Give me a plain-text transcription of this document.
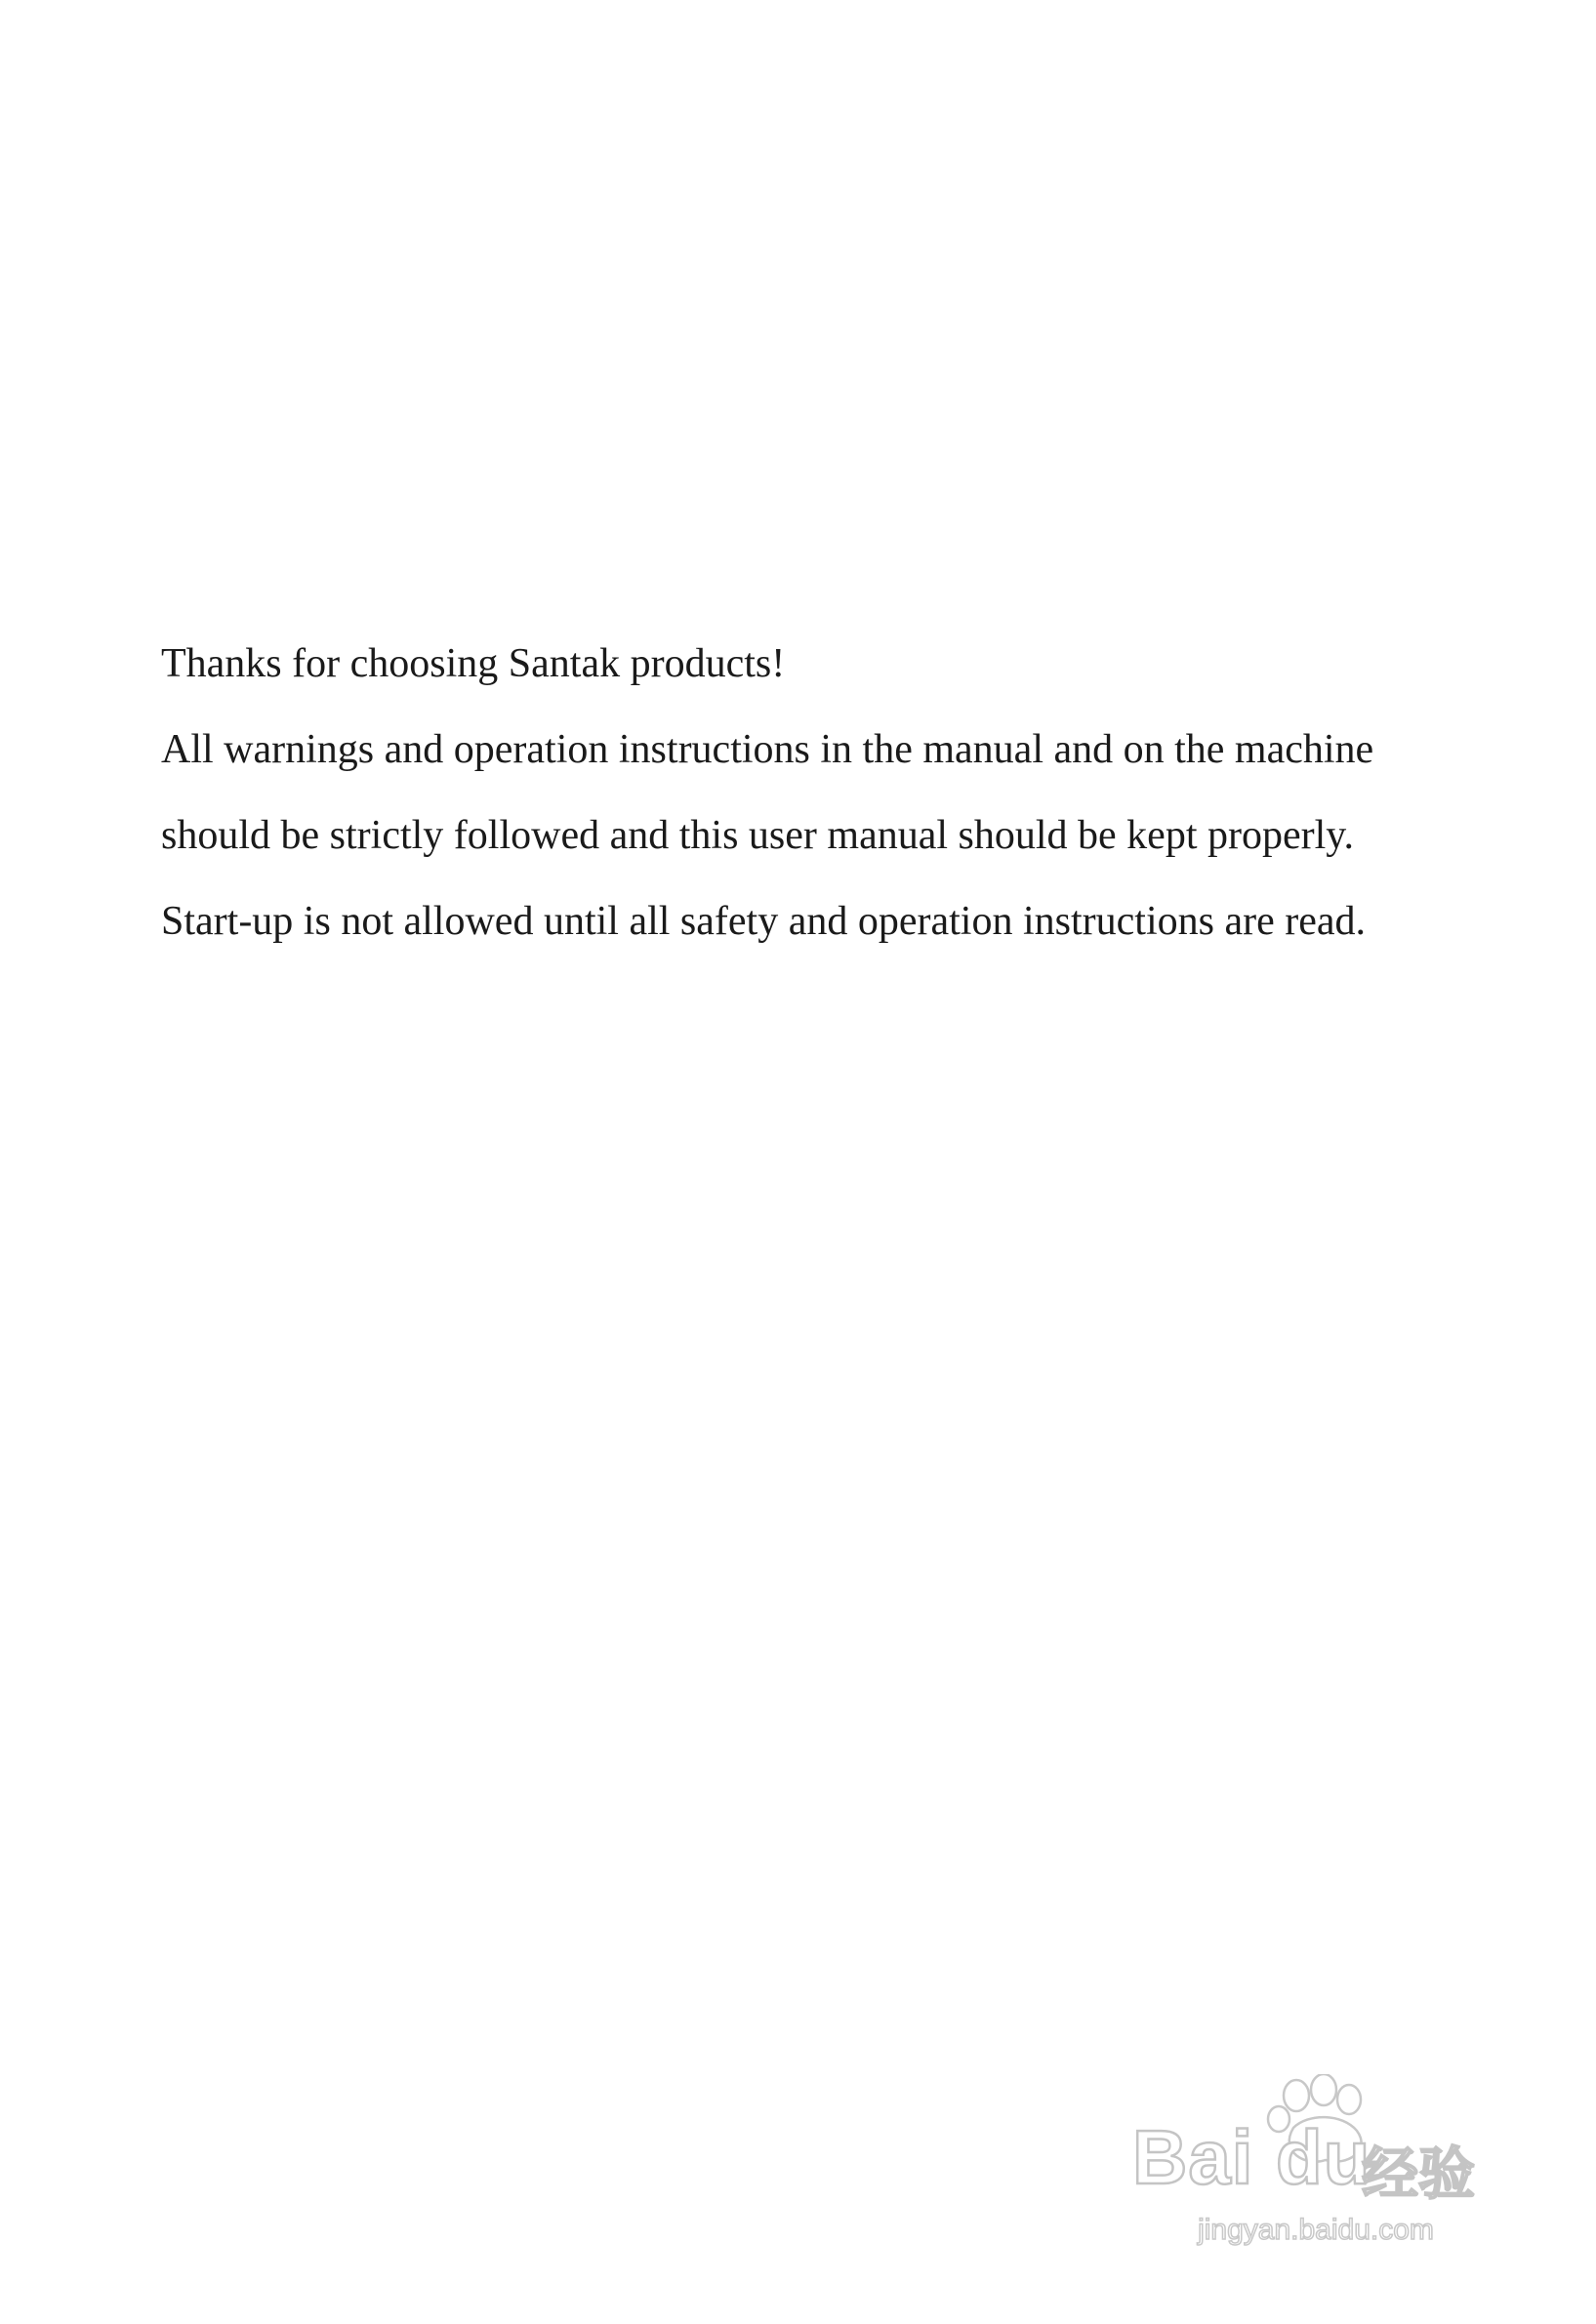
Thanks for choosing Santak products!

All warnings and operation instructions in the manual and on the machine

should be strictly followed and this user manual should be kept properly.

Start-up is not allowed until all safety and operation instructions are read.

Bai du
经验
jingyan.baidu.com
